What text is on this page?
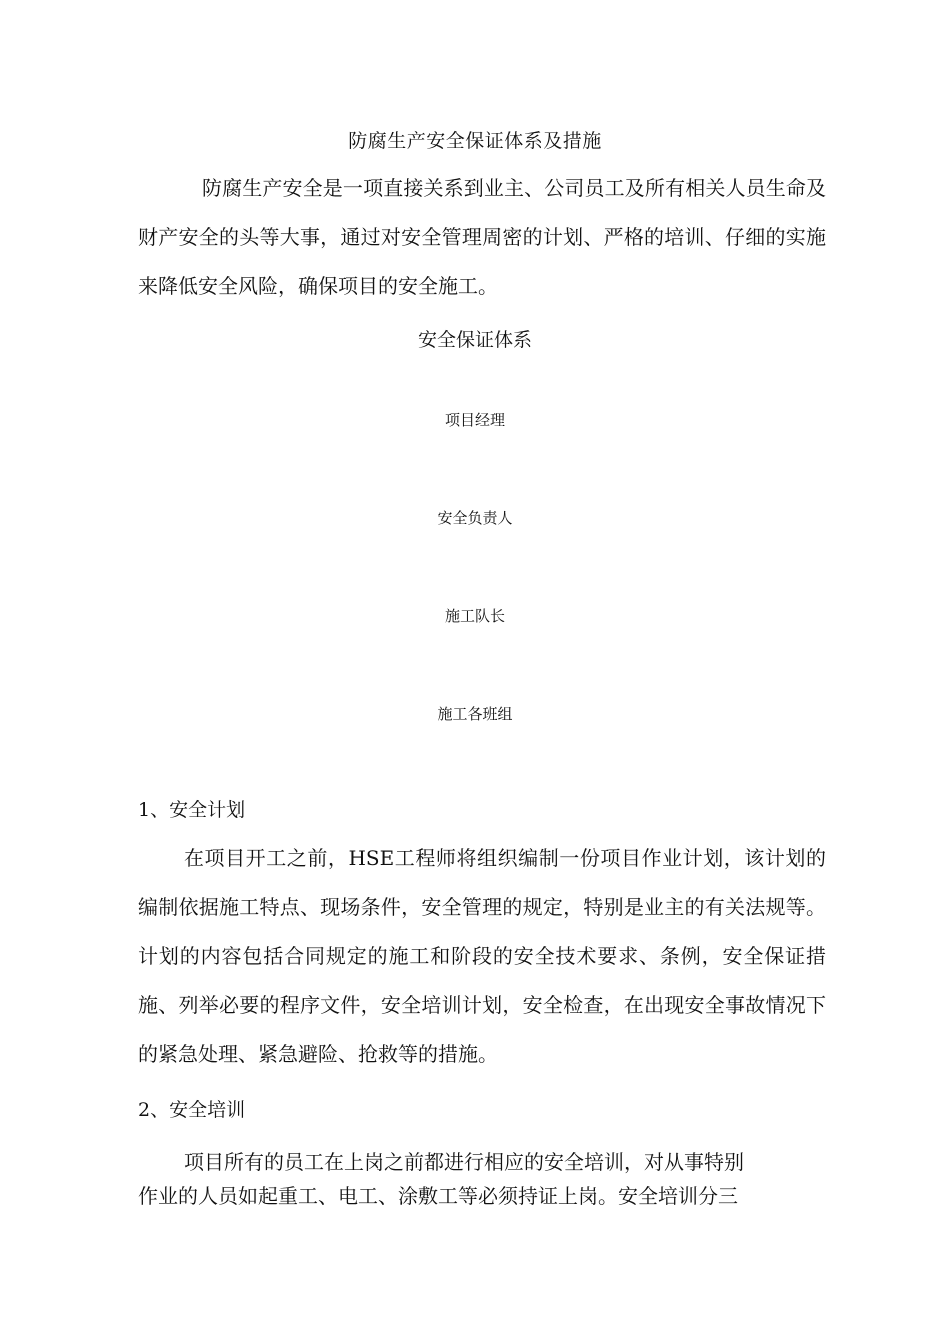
防腐生产安全保证体系及措施

防腐生产安全是一项直接关系到业主、公司员工及所有相关人员生命及财产安全的头等大事，通过对安全管理周密的计划、严格的培训、仔细的实施来降低安全风险，确保项目的安全施工。

安全保证体系
项目经理
安全负责人
施工队长
施工各班组
1、安全计划

在项目开工之前，HSE工程师将组织编制一份项目作业计划，该计划的编制依据施工特点、现场条件，安全管理的规定，特别是业主的有关法规等。计划的内容包括合同规定的施工和阶段的安全技术要求、条例，安全保证措施、列举必要的程序文件，安全培训计划，安全检查，在出现安全事故情况下的紧急处理、紧急避险、抢救等的措施。

2、安全培训
项目所有的员工在上岗之前都进行相应的安全培训，对从事特别
作业的人员如起重工、电工、涂敷工等必须持证上岗。安全培训分三
